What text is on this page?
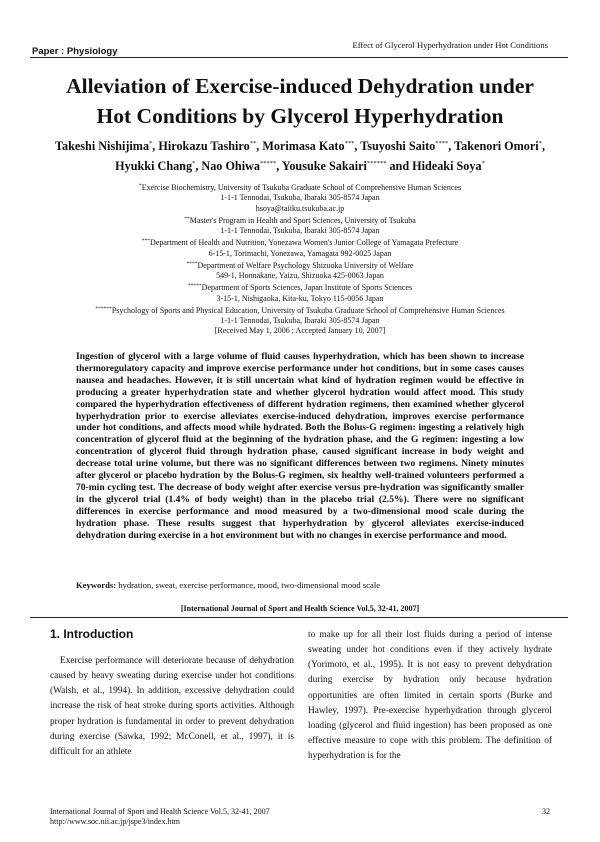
Effect of Glycerol Hyperhydration under Hot Conditions
Paper : Physiology
Alleviation of Exercise-induced Dehydration under
Hot Conditions by Glycerol Hyperhydration
Takeshi Nishijima*, Hirokazu Tashiro**, Morimasa Kato***, Tsuyoshi Saito****, Takenori Omori*,
Hyukki Chang*, Nao Ohiwa*****, Yousuke Sakairi****** and Hideaki Soya*
*Exercise Biochemistry, University of Tsukuba Graduate School of Comprehensive Human Sciences
1-1-1 Tennodai, Tsukuba, Ibaraki 305-8574 Japan
hsoya@taiiku.tsukuba.ac.jp
**Master's Program in Health and Sport Sciences, University of Tsukuba
1-1-1 Tennodai, Tsukuba, Ibaraki 305-8574 Japan
***Department of Health and Nutrition, Yonezawa Women's Junior College of Yamagata Prefecture
6-15-1, Torimachi, Yonezawa, Yamagata 992-0025 Japan
****Department of Welfare Psychology Shizuoka University of Welfare
549-1, Honnakane, Yaizu, Shizuoka 425-0063 Japan
*****Department of Sports Sciences, Japan Institute of Sports Sciences
3-15-1, Nishigaoka, Kita-ku, Tokyo 115-0056 Japan
******Psychology of Sports and Physical Education, University of Tsukuba Graduate School of Comprehensive Human Sciences
1-1-1 Tennodai, Tsukuba, Ibaraki 305-8574 Japan
[Received May 1, 2006 ; Accepted January 10, 2007]
Ingestion of glycerol with a large volume of fluid causes hyperhydration, which has been shown to increase thermoregulatory capacity and improve exercise performance under hot conditions, but in some cases causes nausea and headaches. However, it is still uncertain what kind of hydration regimen would be effective in producing a greater hyperhydration state and whether glycerol hydration would affect mood. This study compared the hyperhydration effectiveness of different hydration regimens, then examined whether glycerol hyperhydration prior to exercise alleviates exercise-induced dehydration, improves exercise performance under hot conditions, and affects mood while hydrated. Both the Bolus-G regimen: ingesting a relatively high concentration of glycerol fluid at the beginning of the hydration phase, and the G regimen: ingesting a low concentration of glycerol fluid through hydration phase, caused significant increase in body weight and decrease total urine volume, but there was no significant differences between two regimens. Ninety minutes after glycerol or placebo hydration by the Bolus-G regimen, six healthy well-trained volunteers performed a 70-min cycling test. The decrease of body weight after exercise versus pre-hydration was significantly smaller in the glycerol trial (1.4% of body weight) than in the placebo trial (2.5%). There were no significant differences in exercise performance and mood measured by a two-dimensional mood scale during the hydration phase. These results suggest that hyperhydration by glycerol alleviates exercise-induced dehydration during exercise in a hot environment but with no changes in exercise performance and mood.
Keywords: hydration, sweat, exercise performance, mood, two-dimensional mood scale
[International Journal of Sport and Health Science Vol.5, 32-41, 2007]
1. Introduction
Exercise performance will deteriorate because of dehydration caused by heavy sweating during exercise under hot conditions (Walsh, et al., 1994). In addition, excessive dehydration could increase the risk of heat stroke during sports activities. Although proper hydration is fundamental in order to prevent dehydration during exercise (Sawka, 1992; McConell, et al., 1997), it is difficult for an athlete
to make up for all their lost fluids during a period of intense sweating under hot conditions even if they actively hydrate (Yorimoto, et al., 1995). It is not easy to prevent dehydration during exercise by hydration only because hydration opportunities are often limited in certain sports (Burke and Hawley, 1997). Pre-exercise hyperhydration through glycerol loading (glycerol and fluid ingestion) has been proposed as one effective measure to cope with this problem. The definition of hyperhydration is for the
International Journal of Sport and Health Science Vol.5, 32-41, 2007
http://www.soc.nii.ac.jp/jspe3/index.htm
32
